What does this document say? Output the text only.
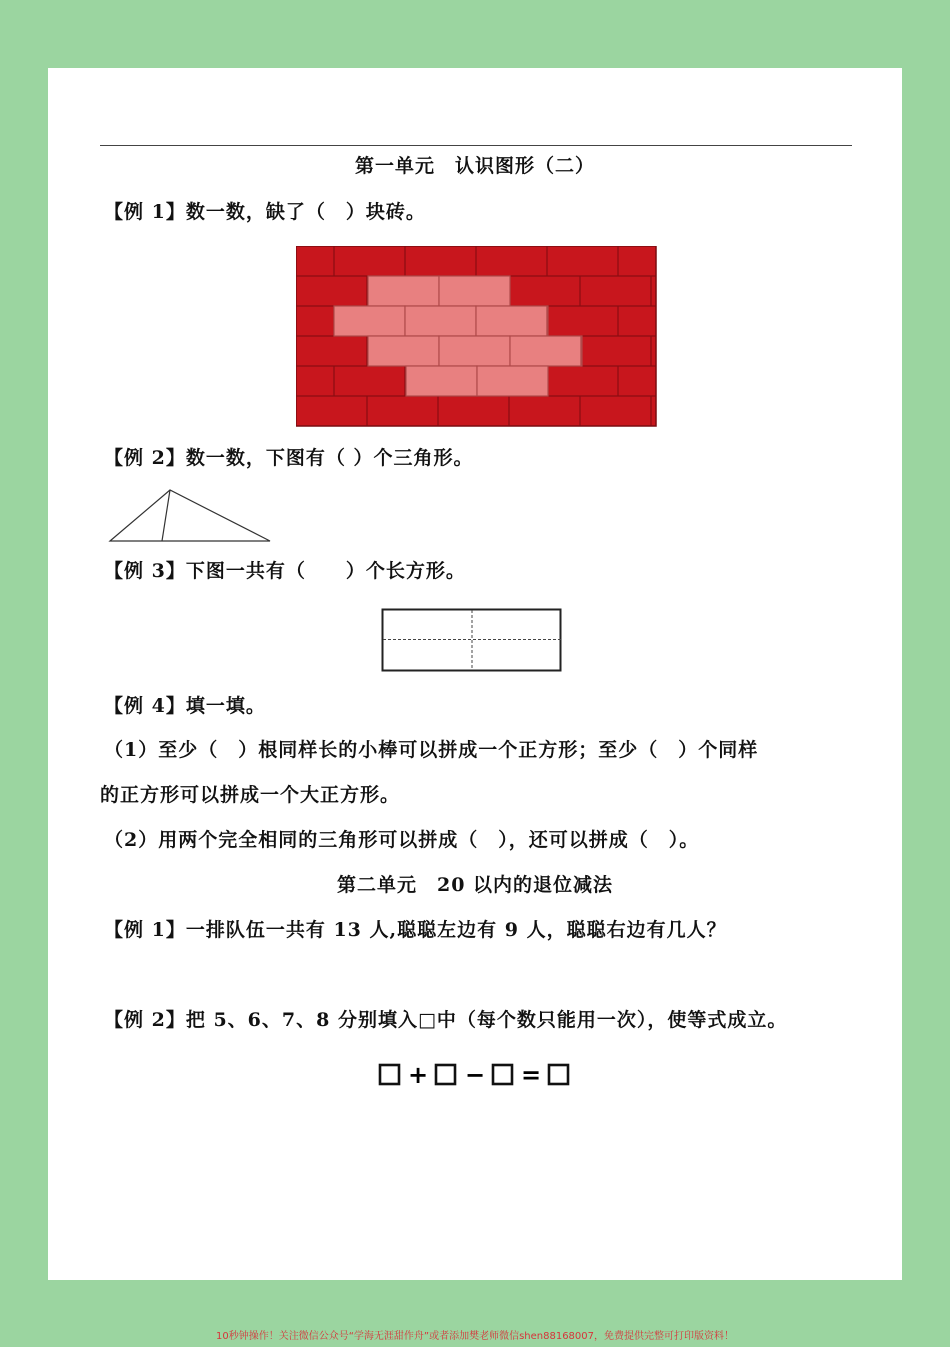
第一单元　认识图形（二）
【例 1】数一数，缺了（　）块砖。
【例 2】数一数，下图有（ ）个三角形。
【例 3】下图一共有（　　）个长方形。
【例 4】填一填。
（1）至少（　）根同样长的小棒可以拼成一个正方形；至少（　）个同样
的正方形可以拼成一个大正方形。
（2）用两个完全相同的三角形可以拼成（　），还可以拼成（　）。
第二单元　20 以内的退位减法
【例 1】一排队伍一共有 13 人,聪聪左边有 9 人，聪聪右边有几人？
【例 2】把 5、6、7、8 分别填入□中（每个数只能用一次），使等式成立。
+ − =
10秒钟操作！关注微信公众号“学海无涯甜作舟”或者添加樊老师微信shen88168007，免费提供完整可打印版资料！
